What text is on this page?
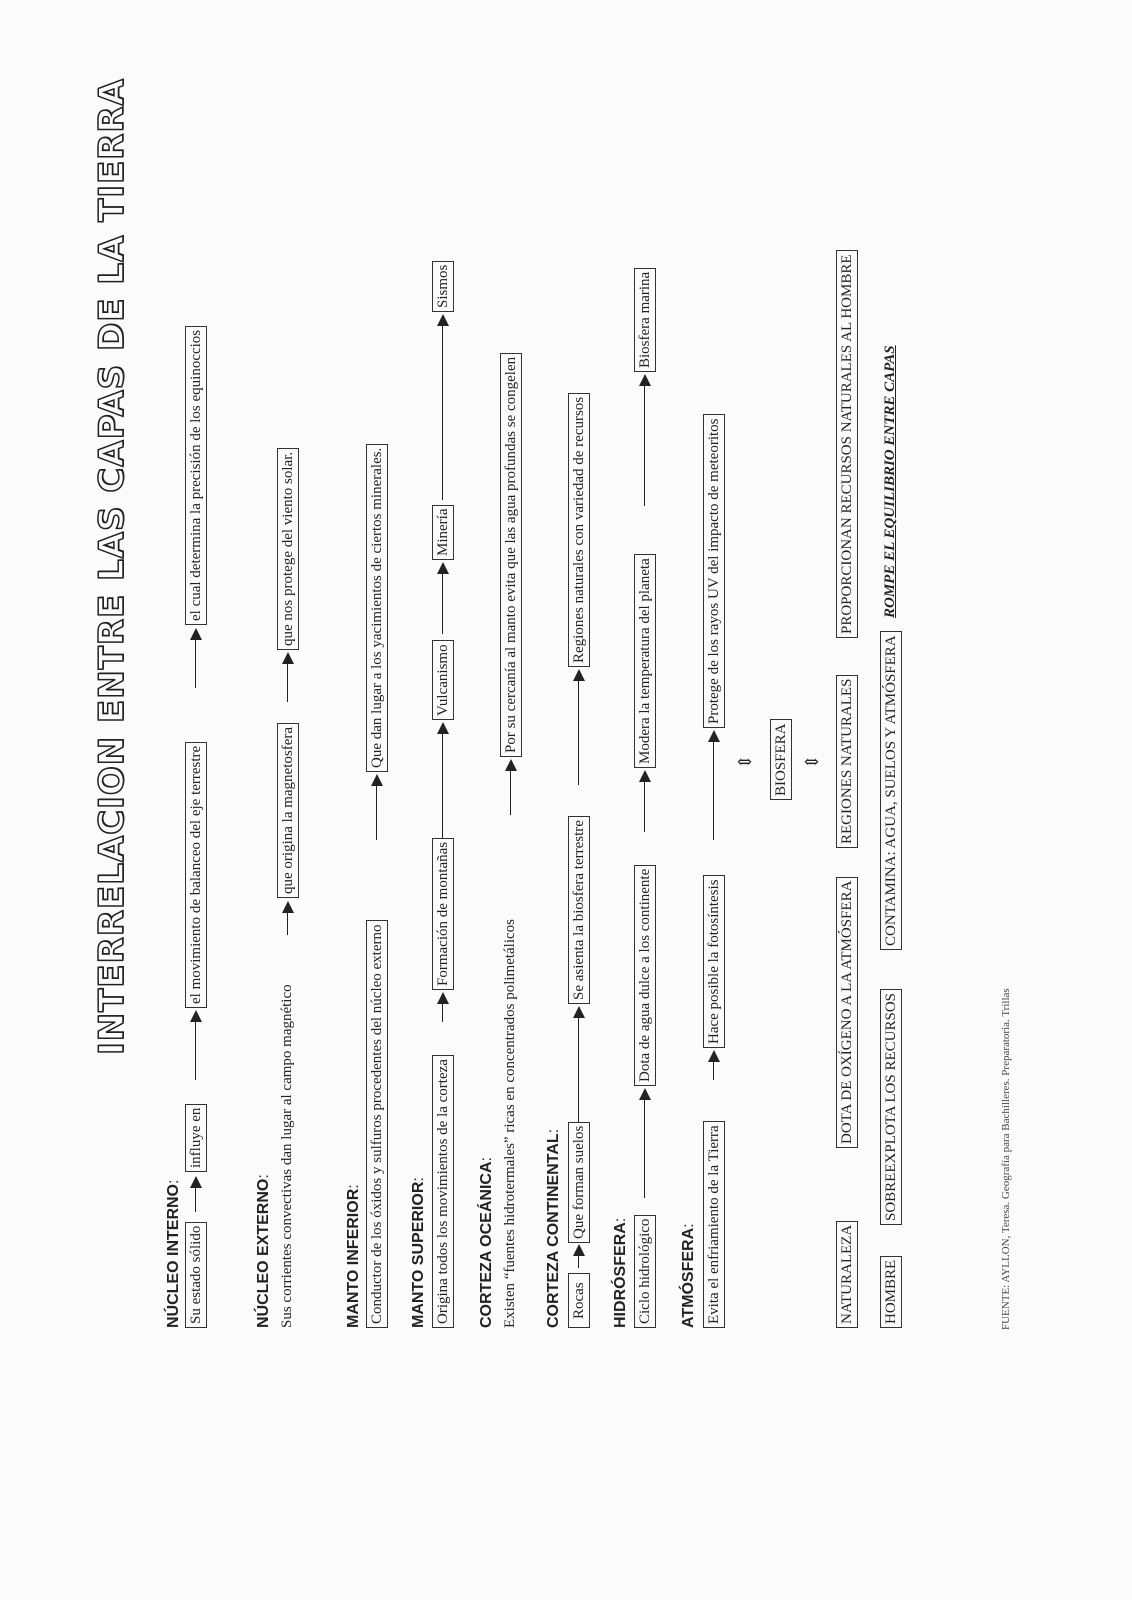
INTERRELACION ENTRE LAS CAPAS DE LA TIERRA
NÚCLEO INTERNO:
Su estado sólido
influye en
el movimiento de balanceo del eje terrestre
el cual determina la precisión de los equinoccios
NÚCLEO EXTERNO: Sus corrientes convectivas dan lugar al campo magnético
que origina la magnetosfera
que nos protege del viento solar.
MANTO INFERIOR: Conductor de los óxidos y sulfuros procedentes del núcleo externo
Que dan lugar a los yacimientos de ciertos minerales.
MANTO SUPERIOR: Origina todos los movimientos de la corteza
Formación de montañas
Vulcanismo
Minería
Sismos
CORTEZA OCEÁNICA: Existen “fuentes hidrotermales” ricas en concentrados polimetálicos
Por su cercanía al manto evita que las agua profundas se congelen
CORTEZA CONTINENTAL:
Rocas
Que forman suelos
Se asienta la biosfera terrestre
Regiones naturales con variedad de recursos
HIDRÓSFERA: Ciclo hidrológico
Dota de agua dulce a los continente
Modera la temperatura del planeta
Biosfera marina
ATMÓSFERA: Evita el enfriamiento de la Tierra
Hace posible la fotosíntesis
Protege de los rayos UV del impacto de meteoritos
⇕ BIOSFERA ⇕
NATURALEZA
DOTA DE OXÍGENO A LA ATMÓSFERA
REGIONES NATURALES
PROPORCIONAN RECURSOS NATURALES AL HOMBRE
HOMBRE
SOBREEXPLOTA LOS RECURSOS
CONTAMINA: AGUA, SUELOS Y ATMÓSFERA
ROMPE EL EQUILIBRIO ENTRE CAPAS
FUENTE: AYLLON, Teresa. Geografía para Bachilleres. Preparatoria. Trillas
